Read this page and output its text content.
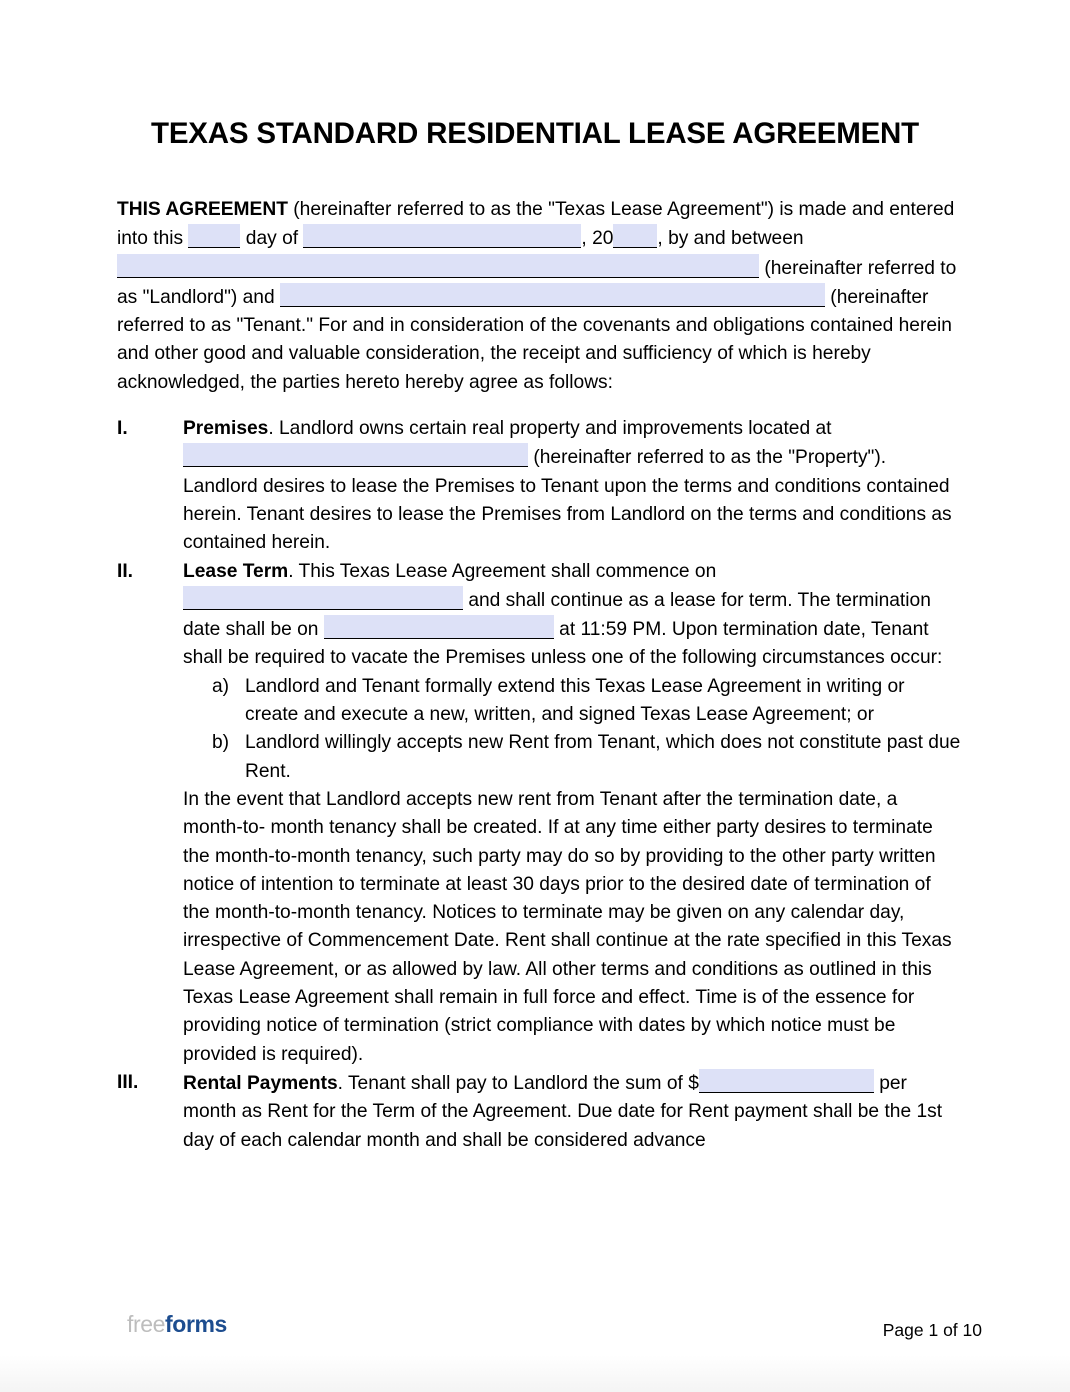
TEXAS STANDARD RESIDENTIAL LEASE AGREEMENT

THIS AGREEMENT (hereinafter referred to as the "Texas Lease Agreement") is made and entered into this	day of	, 20 , by and between  (hereinafter referred to as "Landlord") and	(hereinafter referred to as "Tenant." For and in consideration of the covenants and obligations contained herein and other good and valuable consideration, the receipt and sufficiency of which is hereby acknowledged, the parties hereto hereby agree as follows:

I.	Premises. Landlord owns certain real property and improvements located at  (hereinafter referred to as the "Property"). Landlord desires to lease the Premises to Tenant upon the terms and conditions contained herein. Tenant desires to lease the Premises from Landlord on the terms and conditions as contained herein.
II.	Lease Term. This Texas Lease Agreement shall commence on  and shall continue as a lease for term. The termination date shall be on	at 11:59 PM. Upon termination date, Tenant shall be required to vacate the Premises unless one of the following circumstances occur:
a) Landlord and Tenant formally extend this Texas Lease Agreement in writing or create and execute a new, written, and signed Texas Lease Agreement; or
b) Landlord willingly accepts new Rent from Tenant, which does not constitute past due Rent.
In the event that Landlord accepts new rent from Tenant after the termination date, a month-to- month tenancy shall be created. If at any time either party desires to terminate the month-to-month tenancy, such party may do so by providing to the other party written notice of intention to terminate at least 30 days prior to the desired date of termination of the month-to-month tenancy. Notices to terminate may be given on any calendar day, irrespective of Commencement Date. Rent shall continue at the rate specified in this Texas Lease Agreement, or as allowed by law. All other terms and conditions as outlined in this Texas Lease Agreement shall remain in full force and effect. Time is of the essence for providing notice of termination (strict compliance with dates by which notice must be provided is required).
III.	Rental Payments. Tenant shall pay to Landlord the sum of $	per month as Rent for the Term of the Agreement. Due date for Rent payment shall be the 1st day of each calendar month and shall be considered advance
freeforms	Page 1 of 10
